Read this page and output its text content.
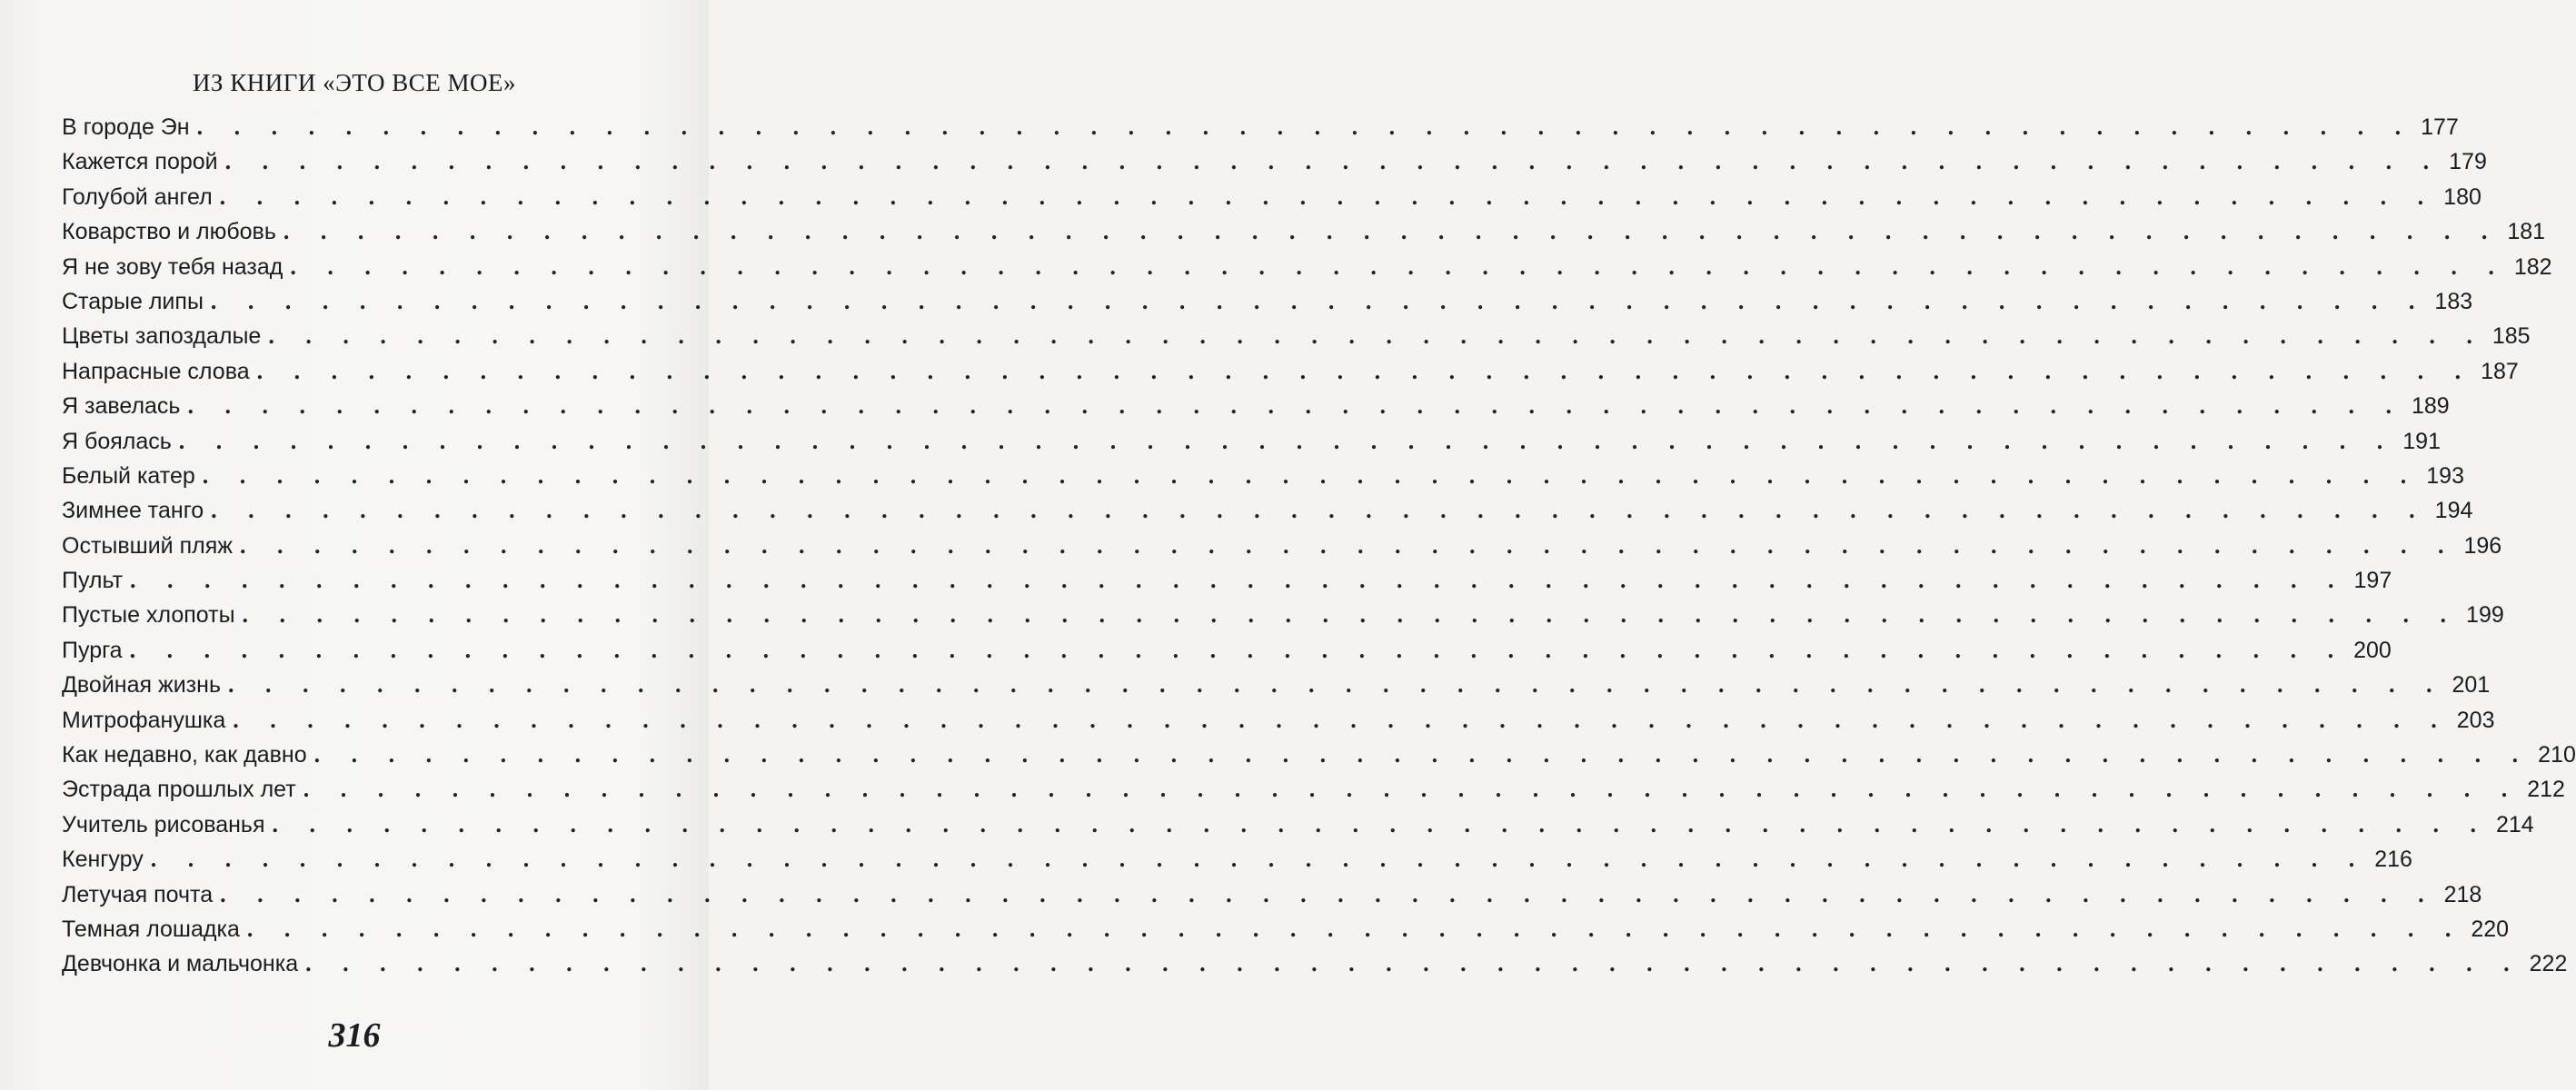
ИЗ КНИГИ «ЭТО ВСЕ МОЕ»
В городе Эн . . . . . . . . . . . . . . . . . . . . . . . . . . . . . . . . . . . . . . . . . . . . . . . . . . . . . . . . . . . . 177
Кажется порой . . . . . . . . . . . . . . . . . . . . . . . . . . . . . . . . . . . . . . . . . . . . . . . . . . . . . . . . . . . . 179
Голубой ангел . . . . . . . . . . . . . . . . . . . . . . . . . . . . . . . . . . . . . . . . . . . . . . . . . . . . . . . . . . . . 180
Коварство и любовь . . . . . . . . . . . . . . . . . . . . . . . . . . . . . . . . . . . . . . . . . . . . . . . . . . . . . . . . . . . . 181
Я не зову тебя назад . . . . . . . . . . . . . . . . . . . . . . . . . . . . . . . . . . . . . . . . . . . . . . . . . . . . . . . . . . . . 182
Старые липы . . . . . . . . . . . . . . . . . . . . . . . . . . . . . . . . . . . . . . . . . . . . . . . . . . . . . . . . . . . . 183
Цветы запоздалые . . . . . . . . . . . . . . . . . . . . . . . . . . . . . . . . . . . . . . . . . . . . . . . . . . . . . . . . . . . . 185
Напрасные слова . . . . . . . . . . . . . . . . . . . . . . . . . . . . . . . . . . . . . . . . . . . . . . . . . . . . . . . . . . . . 187
Я завелась . . . . . . . . . . . . . . . . . . . . . . . . . . . . . . . . . . . . . . . . . . . . . . . . . . . . . . . . . . . . 189
Я боялась . . . . . . . . . . . . . . . . . . . . . . . . . . . . . . . . . . . . . . . . . . . . . . . . . . . . . . . . . . . . 191
Белый катер . . . . . . . . . . . . . . . . . . . . . . . . . . . . . . . . . . . . . . . . . . . . . . . . . . . . . . . . . . . . 193
Зимнее танго . . . . . . . . . . . . . . . . . . . . . . . . . . . . . . . . . . . . . . . . . . . . . . . . . . . . . . . . . . . . 194
Остывший пляж . . . . . . . . . . . . . . . . . . . . . . . . . . . . . . . . . . . . . . . . . . . . . . . . . . . . . . . . . . . . 196
Пульт . . . . . . . . . . . . . . . . . . . . . . . . . . . . . . . . . . . . . . . . . . . . . . . . . . . . . . . . . . . . 197
Пустые хлопоты . . . . . . . . . . . . . . . . . . . . . . . . . . . . . . . . . . . . . . . . . . . . . . . . . . . . . . . . . . . . 199
Пурга . . . . . . . . . . . . . . . . . . . . . . . . . . . . . . . . . . . . . . . . . . . . . . . . . . . . . . . . . . . . 200
Двойная жизнь . . . . . . . . . . . . . . . . . . . . . . . . . . . . . . . . . . . . . . . . . . . . . . . . . . . . . . . . . . . . 201
Митрофанушка . . . . . . . . . . . . . . . . . . . . . . . . . . . . . . . . . . . . . . . . . . . . . . . . . . . . . . . . . . . . 203
Как недавно, как давно . . . . . . . . . . . . . . . . . . . . . . . . . . . . . . . . . . . . . . . . . . . . . . . . . . . . . . . . . . . . 210
Эстрада прошлых лет . . . . . . . . . . . . . . . . . . . . . . . . . . . . . . . . . . . . . . . . . . . . . . . . . . . . . . . . . . . . 212
Учитель рисованья . . . . . . . . . . . . . . . . . . . . . . . . . . . . . . . . . . . . . . . . . . . . . . . . . . . . . . . . . . . . 214
Кенгуру . . . . . . . . . . . . . . . . . . . . . . . . . . . . . . . . . . . . . . . . . . . . . . . . . . . . . . . . . . . . 216
Летучая почта . . . . . . . . . . . . . . . . . . . . . . . . . . . . . . . . . . . . . . . . . . . . . . . . . . . . . . . . . . . . 218
Темная лошадка . . . . . . . . . . . . . . . . . . . . . . . . . . . . . . . . . . . . . . . . . . . . . . . . . . . . . . . . . . . . 220
Девчонка и мальчонка . . . . . . . . . . . . . . . . . . . . . . . . . . . . . . . . . . . . . . . . . . . . . . . . . . . . . . . . . . . . 222
316
